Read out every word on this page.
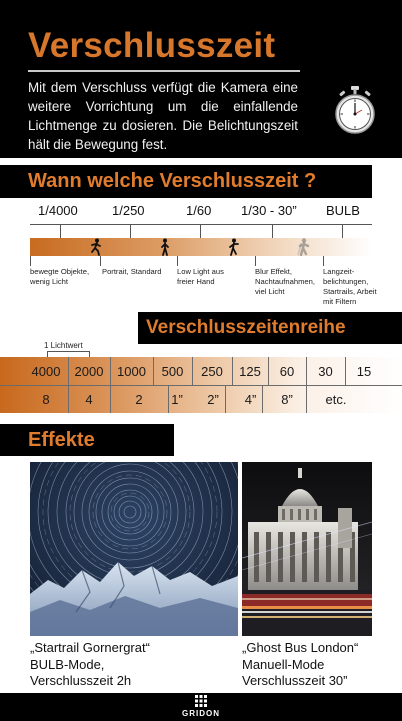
Verschlusszeit
Mit dem Verschluss verfügt die Kamera eine weitere Vorrichtung um die einfallende Lichtmenge zu dosieren. Die Belichtungszeit hält die Bewegung fest.
Wann welche Verschlusszeit ?
1/4000	1/250	1/60 1/30 - 30” BULB
bewegte Objekte,
wenig Licht
Portrait, Standard	Low Light aus
freier Hand
Blur Effekt,
Nachtaufnahmen,
viel Licht
Langzeit-
belichtungen,
Startrails, Arbeit
mit Filtern
Verschlusszeitenreihe
1 Lichtwert
4000	2000	1000	500	250	125	60	30	15
8	4	2	1”	2”	4”	8”	etc.
Effekte
„Startrail Gornergrat“
BULB-Mode,
Verschlusszeit 2h
„Ghost Bus London“
Manuell-Mode
Verschlusszeit 30”
GRIDON
